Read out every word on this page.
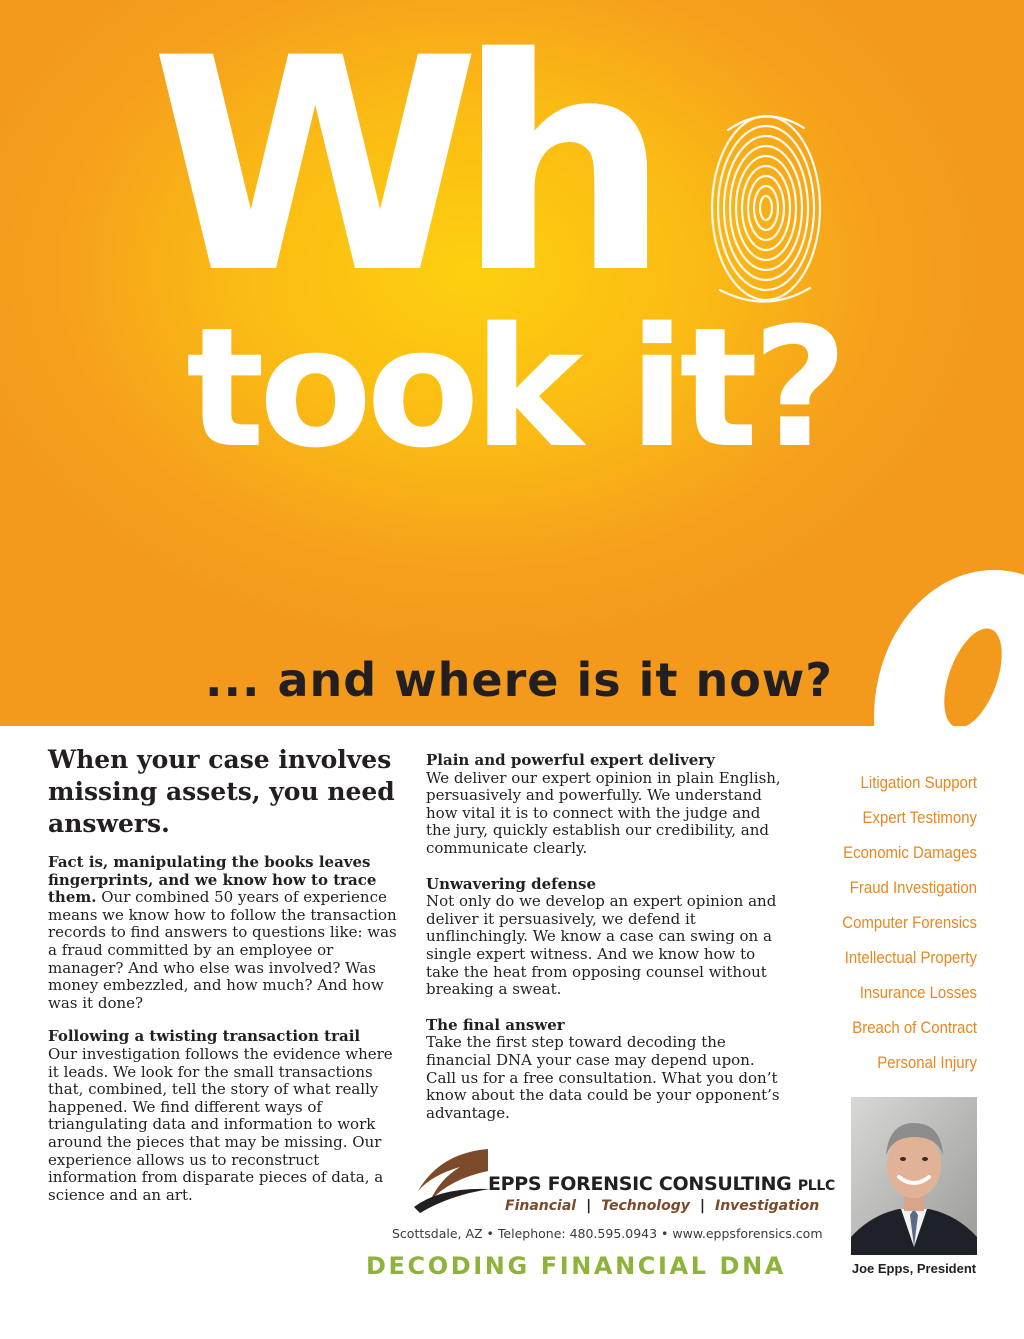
Wh
took it?
... and where is it now?
When your case involves missing assets, you need answers.

Fact is, manipulating the books leaves fingerprints, and we know how to trace them. Our combined 50 years of experience means we know how to follow the transaction records to find answers to questions like: was a fraud committed by an employee or manager? And who else was involved? Was money embezzled, and how much? And how was it done?

Following a twisting transaction trail
Our investigation follows the evidence where it leads. We look for the small transactions that, combined, tell the story of what really happened. We find different ways of triangulating data and information to work around the pieces that may be missing. Our experience allows us to reconstruct information from disparate pieces of data, a science and an art.
Plain and powerful expert delivery

We deliver our expert opinion in plain English, persuasively and powerfully. We understand how vital it is to connect with the judge and the jury, quickly establish our credibility, and communicate clearly.

Unwavering defense

Not only do we develop an expert opinion and deliver it persuasively, we defend it unflinchingly. We know a case can swing on a single expert witness. And we know how to take the heat from opposing counsel without breaking a sweat.

The final answer

Take the first step toward decoding the financial DNA your case may depend upon. Call us for a free consultation. What you don’t know about the data could be your opponent’s advantage.

Litigation Support
Expert Testimony
Economic Damages
Fraud Investigation
Computer Forensics
Intellectual Property
Insurance Losses
Breach of Contract
Personal Injury
Joe Epps, President
EPPS FORENSIC CONSULTING PLLC
Financial | Technology | Investigation
Scottsdale, AZ • Telephone: 480.595.0943 • www.eppsforensics.com
DECODING FINANCIAL DNA
